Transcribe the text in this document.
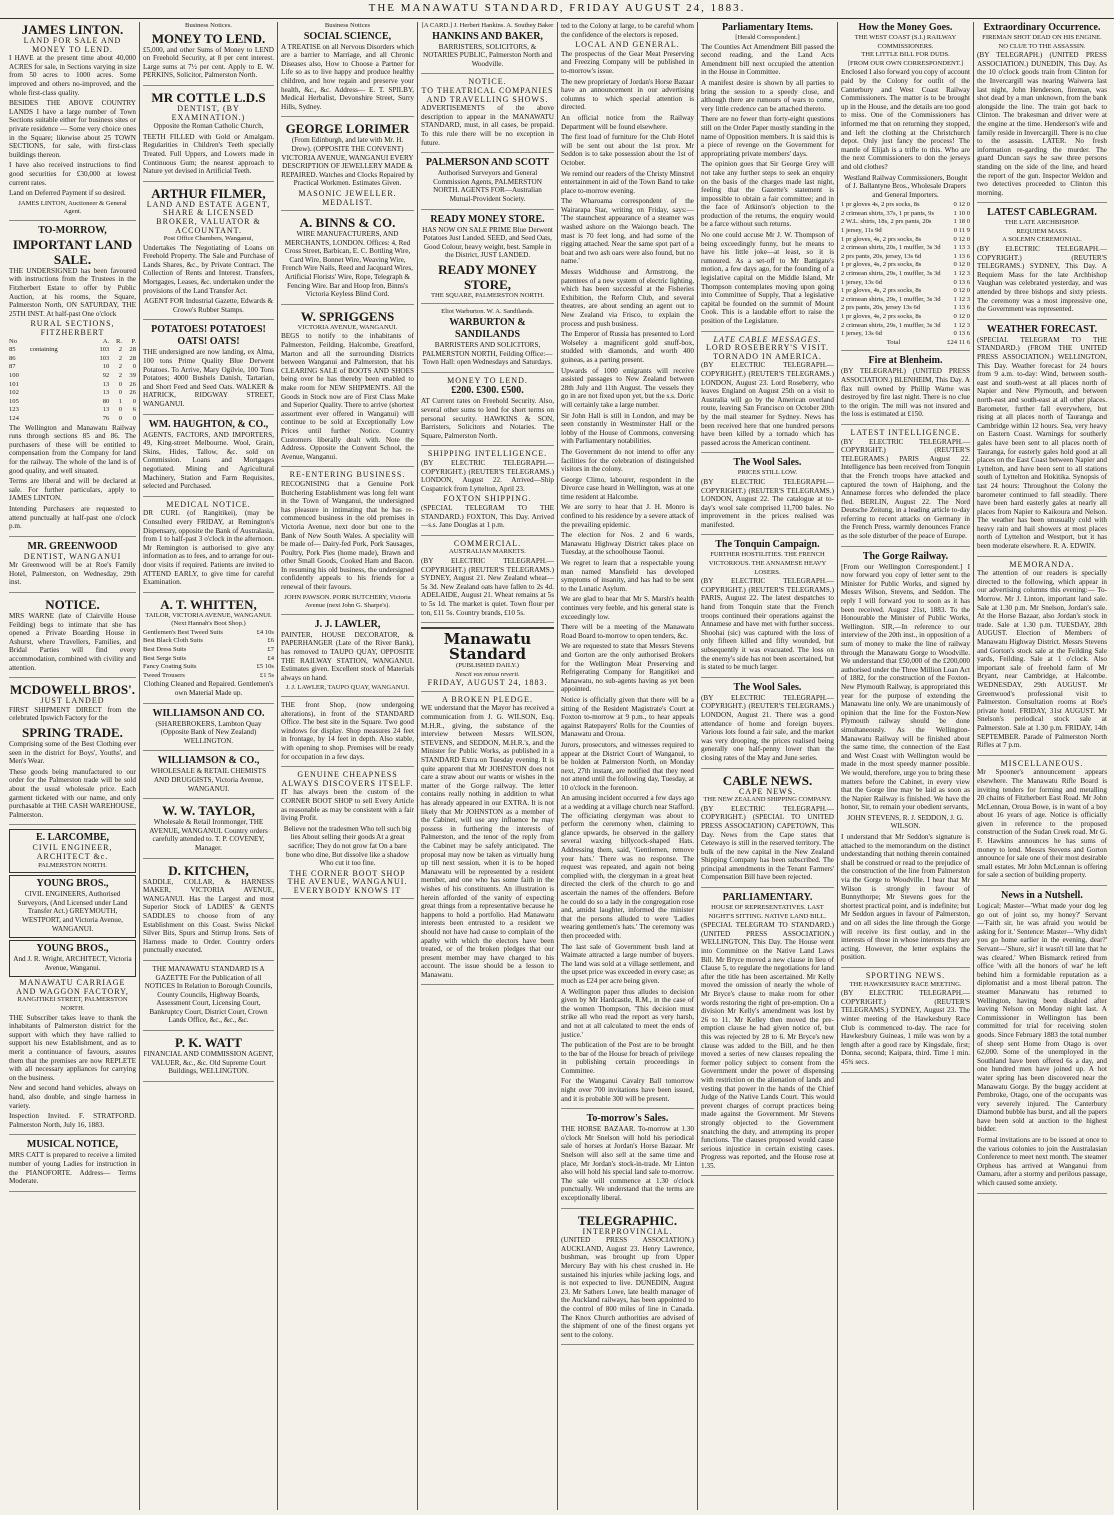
THE MANAWATU STANDARD, FRIDAY AUGUST 24, 1883.
JAMES LINTON.
LAND FOR SALE AND MONEY TO LEND.

I HAVE at the present time about 40,000 ACRES for sale, in Sections varying in size from 50 acres to 1000 acres. Some improved and others no-improved, and the whole first-class quality.

BESIDES THE ABOVE COUNTRY LANDS I have a large number of Town Sections suitable either for business sites or private residence — Some very choice ones in the Square; likewise about 25 TOWN SECTIONS, for sale, with first-class buildings thereon.

I have also received instructions to find good securities for £30,000 at lowest current rates.

Land on Deferred Payment if so desired.

JAMES LINTON, Auctioneer & General Agent.
TO-MORROW,
IMPORTANT LAND SALE.

THE UNDERSIGNED has been favoured with instructions from the Trustees in the Fitzherbert Estate to offer by Public Auction, at his rooms, the Square, Palmerston North, ON SATURDAY, THE 25TH INST. At half-past One o'clock

RURAL SECTIONS, FITZHERBERT
No		A.	R.	P.
85	containing	103	2	28
86		103	2	28
87		10	2	0
100		92	2	39
101		13	0	26
102		13	0	26
105		80	1	0
123		13	0	6
124		76	0	0

The Wellington and Manawatu Railway runs through sections 85 and 86. The purchasers of these will be entitled to compensation from the Company for land for the railway. The whole of the land is of good quality, and well situated.

Terms are liberal and will be declared at sale. For further particulars, apply to JAMES LINTON.

Intending Purchasers are requested to attend punctually at half-past one o'clock p.m.

MR. GREENWOOD
DENTIST, WANGANUI

Mr Greenwood will be at Roe's Family Hotel, Palmerston, on Wednesday, 29th inst.

NOTICE.

MRS WARNE (late of Clairville House Feilding) begs to intimate that she has opened a Private Boarding House in Ashurst, where Travellers, Families, and Bridal Parties will find every accommodation, combined with civility and attention.

MCDOWELL BROS'.
JUST LANDED

FIRST SHIPMENT DIRECT from the celebrated Ipswich Factory for the

SPRING TRADE.

Comprising some of the Best Clothing ever seen in the district for Boys', Youths', and Men's Wear.

These goods being manufactured to our order for the Palmerston trade will be sold about the usual wholesale price. Each garment ticketed with our name, and only purchasable at THE CASH WAREHOUSE, Palmerston.

E. LARCOMBE,
CIVIL ENGINEER, ARCHITECT &c.
PALMERSTON NORTH.
YOUNG BROS.,

CIVIL ENGINEERS, Authorised Surveyors, (And Licensed under Land Transfer Act.) GREYMOUTH, WESTPORT, and Victoria Avenue, WANGANUI.

YOUNG BROS.,

And J. R. Wright, ARCHITECT, Victoria Avenue, Wanganui.

MANAWATU CARRIAGE AND WAGGON FACTORY,
RANGITIKEI STREET, PALMERSTON NORTH.

THE Subscriber takes leave to thank the inhabitants of Palmerston district for the support with which they have rallied to support his new Establishment, and as to merit a continuance of favours, assures them that the premises are now REPLETE with all necessary appliances for carrying on the business.

New and second hand vehicles, always on hand, also double, and single harness in variety.

Inspection Invited. F. STRATFORD. Palmerston North, July 16, 1883.

MUSICAL NOTICE,

MRS CATT is prepared to receive a limited number of young Ladies for instruction in the PIANOFORTE. Address— Terms Moderate.

Business Notices.
MONEY TO LEND.

£5,000, and other Sums of Money to LEND on Freehold Security, at 8 per cent interest. Large sums at 7½ per cent. Apply to E. W. PERKINS, Solicitor, Palmerston North.

MR COTTLE L.D.S
DENTIST, (BY EXAMINATION.)

Opposite the Roman Catholic Church,

TEETH FILLED with Gold or Amalgam. Regularities in Children's Teeth specially Treated. Full Uppers, and Lowers made in Continuous Gum; the nearest approach to Nature yet devised in Artificial Teeth.

ARTHUR FILMER,
LAND AND ESTATE AGENT, SHARE & LICENSED BROKER, VALUATOR & ACCOUNTANT.
Post Office Chambers, Wanganui,

Undertakes The Negotiating of Loans on Freehold Property. The Sale and Purchase of Lands Shares, &c., by Private Contract. The Collection of Rents and Interest. Transfers, Mortgages, Leases, &c. undertaken under the provisions of the Land Transfer Act.

AGENT FOR Industrial Gazette, Edwards & Crowe's Rubber Stamps.

POTATOES! POTATOES!
OATS! OATS!

THE undersigned are now landing, ex Alma, 100 tons Prime Quality Blue Derwent Potatoes. To Arrive, Mary Ogilvie, 100 Tons Potatoes; 4000 Bushels Danish, Tartarian, and Short Feed and Seed Oats. WALKER & HATRICK, RIDGWAY STREET, WANGANUI.

WM. HAUGHTON, & CO.,

AGENTS, FACTORS, AND IMPORTERS, 49, King-street Melbourne. Wool, Grain, Skins, Hides, Tallow, &c. sold on Commission. Loans and Mortgages negotiated. Mining and Agricultural Machinery, Station and Farm Requisites, selected and Purchased.

MEDICAL NOTICE.

DR CURL (of Rangitikei), (may be Consulted every FRIDAY, at Remington's Dispensary, opposite the Bank of Australasia, from 1 to half-past 3 o'clock in the afternoon. Mr Remington is authorised to give any information as to fees, and to arrange for out-door visits if required. Patients are invited to ATTEND EARLY, to give time for careful Examination.

A. T. WHITTEN,
TAILOR, VICTORIA AVENUE, WANGANUI. (Next Hannah's Boot Shop.)
Gentlemen's Best Tweed Suits	£4 10s
Best Black Cloth Suits	£6
Best Dress Suits	£7
Best Serge Suits	£4
Fancy Coating Suits	£5 10s
Tweed Trousers	£1 5s

Clothing Cleaned and Repaired. Gentlemen's own Material Made up.

WILLIAMSON AND CO.

(SHAREBROKERS, Lambton Quay (Opposite Bank of New Zealand) WELLINGTON.

WILLIAMSON & CO.,

WHOLESALE & RETAIL CHEMISTS AND DRUGGISTS, Victoria Avenue, WANGANUI.

W. W. TAYLOR,

Wholesale & Retail Ironmonger, THE AVENUE, WANGANUI. Country orders carefully attended to. T. P. COVENEY, Manager.

D. KITCHEN,

SADDLE, COLLAR, & HARNESS MAKER, VICTORIA AVENUE, WANGANUI. Has the Largest and most Superior Stock of LADIES' & GENTS SADDLES to choose from of any Establishment on this Coast. Swiss Nickel Silver Bits, Spurs and Stirrup Irons. Sets of Harness made to Order. Country orders punctually executed.

THE MANAWATU STANDARD IS A GAZETTE For the Publication of all NOTICES In Relation to Borough Councils, County Councils, Highway Boards, Assessment Court, Licensing Court, Bankruptcy Court, District Court, Crown Lands Office, &c., &c., &c.

P. K. WATT

FINANCIAL AND COMMISSION AGENT, VALUER, &c., &c. Old Supreme Court Buildings, WELLINGTON.

Business Notices
SOCIAL SCIENCE,

A TREATISE on all Nervous Disorders which are a barrier to Marriage, and all Chronic Diseases also, How to Choose a Partner for Life so as to live happy and produce healthy children, and how regain and preserve your health, &c., &c. Address— E. T. SPILBY, Medical Herbalist, Devonshire Street, Surry Hills, Sydney.

GEORGE LORIMER

(From Edinburgh, and late with Mr. H. Drew). (OPPOSITE THE CONVENT) VICTORIA AVENUE, WANGANUI EVERY DESCRIPTION OF JEWELLERY MADE & REPAIRED. Watches and Clocks Repaired by Practical Workmen. Estimates Given.

MASONIC JEWELLER. MEDALIST.
A. BINNS & CO.

WIRE MANUFACTURERS, AND MERCHANTS, LONDON. Offices: 4, Red Cross Street, Barbican, E. C. Bottling Wire, Card Wire, Bonnet Wire, Weaving Wire, French Wire Nails, Reed and Jacquard Wires, Artificial Florists' Wire, Rope, Telegraph & Fencing Wire. Bar and Hoop Iron, Binns's Victoria Keyless Blind Cord.

W. SPRIGGENS
VICTORIA AVENUE, WANGANUI.

BEGS to notify to the inhabitants of Palmerston, Feilding, Halcombe, Greatford, Marton and all the surrounding Districts between Wanganui and Palmerston, that his CLEARING SALE of BOOTS AND SHOES being over he has thereby been enabled to make room for NEW SHIPMENTS. All the Goods in Stock now are of First Class Make and Superior Quality. There to arrive (shortest assortment ever offered in Wanganui) will continue to be sold at Exceptionally Low Prices until further Notice. Country Customers liberally dealt with. Note the Address. Opposite the Convent School, the Avenue, Wanganui.

RE-ENTERING BUSINESS.

RECOGNISING that a Genuine Pork Butchering Establishment was long felt want in the Town of Wanganui, the undersigned has pleasure in intimating that he has re-commenced business in the old premises in Victoria Avenue, next door but one to the Bank of New South Wales. A speciality will be made of— Dairy-fed Pork, Pork Sausages, Poultry, Pork Pies (home made), Brawn and other Small Goods, Cooked Ham and Bacon. In resuming his old business, the undersigned confidently appeals to his friends for a renewal of their favours.

JOHN PAWSON. PORK BUTCHERY, Victoria Avenue (next John G. Sharpe's).
J. J. LAWLER,

PAINTER, HOUSE DECORATOR, & PAPERHANGER (Late of the River Bank), has removed to TAUPO QUAY, OPPOSITE THE RAILWAY STATION, WANGANUI. Estimates given. Excellent stock of Materials always on hand.

J. J. LAWLER, TAUPO QUAY, WANGANUI.

THE front Shop, (now undergoing alterations), in front of the STANDARD Office. The best site in the Square. Two good windows for display. Shop measures 24 feet in frontage, by 14 feet in depth. Also stable, with opening to shop. Premises will be ready for occupation in a few days.

GENUINE CHEAPNESS ALWAYS DISCOVERS ITSELF.

IT has always been the custom of the CORNER BOOT SHOP to sell Every Article as reasonable as may be consistent with a fair living Profit.

Believe not the tradesmen Who tell such big lies About selling their goods At a great sacrifice; They do not grow fat On a bare bone who dine, But dissolve like a shadow Who cut it too fine.

THE CORNER BOOT SHOP THE AVENUE, WANGANUI. EVERYBODY KNOWS IT
[A CARD.] J. Herbert Hankins. A. Southey Baker
HANKINS AND BAKER,

BARRISTERS, SOLICITORS, & NOTARIES PUBLIC, Palmerston North and Woodville.

NOTICE.
TO THEATRICAL COMPANIES AND TRAVELLING SHOWS.

ADVERTISEMENTS of the above description to appear in the MANAWATU STANDARD, must, in all cases, be prepaid. To this rule there will be no exception in future.

PALMERSON AND SCOTT

Authorised Surveyors and General Commission Agents, PALMERSTON NORTH. AGENTS FOR—Australian Mutual-Provident Society.

READY MONEY STORE.

HAS NOW ON SALE PRIME Blue Derwent Potatoes Just Landed. SEED, and Seed Oats, Good Colour, heavy weight, best. Sample in the District, JUST LANDED.

READY MONEY STORE,
THE SQUARE, PALMERSTON NORTH.
Eliot Warburton. W. A. Sandilands.
WARBURTON & SANDILANDS

BARRISTERS AND SOLICITORS, PALMERSTON NORTH, Feilding Office:—Town Hall: open Wednesdays and Saturdays.

MONEY TO LEND.
£200. £300. £500.

AT Current rates on Freehold Security. Also, several other sums to lend for short terms on personal security. HAWKINS & SON, Barristers, Solicitors and Notaries. The Square, Palmerston North.

SHIPPING INTELLIGENCE.

(BY ELECTRIC TELEGRAPH.—COPYRIGHT.) (REUTER'S TELEGRAMS.) LONDON, August 22. Arrived—Ship Cospatrick from Lyttelton, April 23.

FOXTON SHIPPING.

(SPECIAL TELEGRAM TO THE STANDARD.) FOXTON, This Day. Arrived—s.s. Jane Douglas at 1 p.m.

COMMERCIAL.
AUSTRALIAN MARKETS.

(BY ELECTRIC TELEGRAPH.—COPYRIGHT.) (REUTER'S TELEGRAMS.) SYDNEY, August 21. New Zealand wheat—5s 3d. New Zealand oats have fallen to 2s 4d. ADELAIDE, August 21. Wheat remains at 5s to 5s 1d. The market is quiet. Town flour per ton, £11 5s. Country brands, £10 5s.

Manawatu Standard
(PUBLISHED DAILY.)
Nescit vox missa reverti.
FRIDAY, AUGUST 24, 1883.
A BROKEN PLEDGE.

WE understand that the Mayor has received a communication from J. G. WILSON, Esq. M.H.R., giving, the substance of the interview between Messrs WILSON, STEVENS, and SEDDON, M.H.R.'s, and the Minister for Public Works, as published in a STANDARD Extra on Tuesday evening. It is quite apparent that Mr JOHNSTON does not care a straw about our wants or wishes in the matter of the Gorge railway. The letter contains really nothing in addition to what has already appeared in our EXTRA. It is not likely that Mr JOHNSTON as a member of the Cabinet, will use any influence he may possess in furthering the interests of Palmerston, and the tenor of the reply from the Cabinet may be safely anticipated. The proposal may now be taken as virtually hung up till next session, when it is to be hoped Manawatu will be represented by a resident member, and one who has some faith in the wishes of his constituents. An illustration is herein afforded of the vanity of expecting great things from a representative because he happens to hold a portfolio. Had Manawatu interests been entrusted to a resident we should not have had cause to complain of the apathy with which the electors have been treated, or of the broken pledges that our present member may have charged to his account. The issue should be a lesson to Manawatu.

ted to the Colony at large, to be careful whom the confidence of the electors is reposed.

LOCAL AND GENERAL.

The prospectus of the Gear Meat Preserving and Freezing Company will be published in to-morrow's issue.

The new proprietary of Jordan's Horse Bazaar have an announcement in our advertising columns to which special attention is directed.

An official notice from the Railway Department will be found elsewhere.

The first load of furniture for the Club Hotel will be sent out about the 1st prox. Mr Seddon is to take possession about the 1st of October.

We remind our readers of the Christy Minstrel entertainment in aid of the Town Band to take place to-morrow evening.

The Wharoama correspondent of the Wairarapa Star, writing on Friday, says:— 'The staunchest appearance of a steamer was washed ashore on the Waiongo beach. The mast is 70 feet long, and had some of the rigging attached. Near the same spot part of a boat and two ash oars were also found, but no name.'

Messrs Widdhouse and Armstrong, the patentees of a new system of electric lighting, which has been successful at the Fisheries Exhibition, the Reform Club, and several theatres, are about sending an agent out to New Zealand via Frisco, to explain the process and push business.

The Emperor of Russia has presented to Lord Wolseley a magnificent gold snuff-box, studded with diamonds, and worth 400 guineas, as a parting present.

Upwards of 1000 emigrants will receive assisted passages to New Zealand between 28th July and 11th August. The vessels they go in are not fixed upon yet, but the s.s. Doric will certainly take a large number.

Sir John Hall is still in London, and may be seen constantly in Westminster Hall or the lobby of the House of Commons, conversing with Parliamentary notabilities.

The Government do not intend to offer any facilities for the celebration of distinguished visitors in the colony.

George Climo, labourer, respondent in the Divorce case heard in Wellington, was at one time resident at Halcombe.

We are sorry to hear that J. H. Monro is confined to his residence by a severe attack of the prevailing epidemic.

The election for Nos. 2 and 6 wards, Manawatu Highway District takes place on Tuesday, at the schoolhouse Taonui.

We regret to learn that a respectable young man named Mansfield has developed symptoms of insanity, and has had to be sent to the Lunatic Asylum.

We are glad to hear that Mr S. Marsh's health continues very feeble, and his general state is exceedingly low.

There will be a meeting of the Manawatu Road Board to-morrow to open tenders, &c.

We are requested to state that Messrs Stevens and Gorton are the only authorised Brokers for the Wellington Meat Preserving and Refrigerating Company for Rangitikei and Manawatu, no sub-agents having as yet been appointed.

Notice is officially given that there will be a sitting of the Resident Magistrate's Court at Foxton to-morrow at 9 p.m., to hear appeals against Ratepayers' Rolls for the Counties of Manawatu and Oroua.

Jurors, prosecutors, and witnesses required to appear at the District Court of Wanganui, to be holden at Palmerston North, on Monday next, 27th instant, are notified that they need not attend until the following day, Tuesday, at 10 o'clock in the forenoon.

An amusing incident occurred a few days ago at a wedding at a village church near Stafford. The officiating clergyman was about to perform the ceremony when, claiming to glance upwards, he observed in the gallery several waxing billycock-shaped Hats. Addressing them, said, 'Gentlemen, remove your hats.' There was no response. The request was repeated, and again not being complied with, the clergyman in a great heat directed the clerk of the church to go and ascertain the names of the offenders. Before he could do so a lady in the congregation rose and, amidst laughter, informed the minister that the persons alluded to were 'Ladies wearing gentlemen's hats.' The ceremony was then proceeded with.

The last sale of Government bush land at Waimate attracted a large number of buyers. The land was sold at a village settlement, and the upset price was exceeded in every case; as much as £24 per acre being given.

A Wellington paper thus alludes to decision given by Mr Hardcastle, R.M., in the case of the women Thompson, 'This decision must strike all who read the report as very harsh, and not at all calculated to meet the ends of justice.'

The publication of the Post are to be brought to the bar of the House for breach of privilege in publishing certain proceedings in Committee.

For the Wanganui Cavalry Ball tomorrow night over 700 invitations have been issued, and it is probable 300 will be present.

To-morrow's Sales.

THE HORSE BAZAAR. To-morrow at 1.30 o'clock Mr Snelson will hold his periodical sale of horses at Jordan's Horse Bazaar. Mr Snelson will also sell at the same time and place, Mr Jordan's stock-in-trade. Mr Linton also will hold his special land sale to-morrow. The sale will commence at 1.30 o'clock punctually. We understand that the terms are exceptionally liberal.

TELEGRAPHIC.
INTERPROVINCIAL.

(UNITED PRESS ASSOCIATION.) AUCKLAND, August 23. Henry Lawrence, bushman, was brought up from Upper Mercury Bay with his chest crushed in. He sustained his injuries while jacking logs, and is not expected to live. DUNEDIN, August 23. Mr Sathers Lowe, late health manager of the Auckland railways, has been appointed to the control of 800 miles of line in Canada. The Knox Church authorities are advised of the shipment of one of the finest organs yet sent to the colony.

Parliamentary Items.
[Herald Correspondent.]

The Counties Act Amendment Bill passed the second reading, and the Land Acts Amendment bill next occupied the attention in the House in Committee.

A manifest desire is shown by all parties to bring the session to a speedy close, and although there are rumours of wars to come, very little credence can be attached thereto.

There are no fewer than forty-eight questions still on the Order Paper mostly standing in the name of Opposition members. It is said this is a piece of revenge on the Government for appropriating private members' days.

The opinion goes that Sir George Grey will not take any further steps to seek an enquiry on the basis of the charges made last night, feeling that the Gazette's statement is impossible to obtain a fair committee; and in the face of Atkinson's objection to the production of the returns, the enquiry would be a farce without such returns.

No one could accuse Mr J. W. Thompson of being exceedingly funny, but he means to have his little joke—at least, so it is rumoured. As a set-off to Mr Battigate's motion, a few days ago, for the founding of a legislative capital on the Middle Island, Mr Thompson contemplates moving upon going into Committee of Supply, That a legislative capital be founded on the summit of Mount Cook. This is a laudable effort to raise the position of the Legislature.

LATE CABLE MESSAGES.
LORD ROSEBERRY'S VISIT.
TORNADO IN AMERICA.

(BY ELECTRIC TELEGRAPH.—COPYRIGHT.) (REUTER'S TELEGRAMS.) LONDON, August 23. Lord Roseberry, who leaves England on August 25th on a visit to Australia will go by the American overland route, leaving San Francisco on October 20th by the mail steamer for Sydney. News has been received here that one hundred persons have been killed by a tornado which has passed across the American continent.

The Wool Sales.
PRICES STILL LOW.

(BY ELECTRIC TELEGRAPH.—COPYRIGHT.) (REUTER'S TELEGRAMS.) LONDON, August 22. The catalogue at to-day's wool sale comprised 11,700 bales. No improvement in the prices realised was manifested.

The Tonquin Campaign.
FURTHER HOSTILITIES. THE FRENCH VICTORIOUS. THE ANNAMESE HEAVY LOSERS.

(BY ELECTRIC TELEGRAPH.—COPYRIGHT.) (REUTER'S TELEGRAMS.) PARIS, August 22. The latest despatches to hand from Tonquin state that the French troops continued their operations against the Annamese and have met with further success. Shoohai (sic) was captured with the loss of only fifteen killed and fifty wounded, but subsequently it was evacuated. The loss on the enemy's side has not been ascertained, but is stated to be much larger.

The Wool Sales.

(BY ELECTRIC TELEGRAPH.—COPYRIGHT.) (REUTER'S TELEGRAMS.) LONDON, August 21. There was a good attendance of home and foreign buyers. Various lots found a fair sale, and the market was very drooping, the prices realised being generally one half-penny lower than the closing rates of the May and June series.

CABLE NEWS.
CAPE NEWS.
THE NEW ZEALAND SHIPPING COMPANY.

(BY ELECTRIC TELEGRAPH.—COPYRIGHT.) (SPECIAL TO UNITED PRESS ASSOCIATION) CAPETOWN, This Day. News from the Cape states that Cetewayo is still in the reserved territory. The bulk of the new capital in the New Zealand Shipping Company has been subscribed. The principal amendments in the Tenant Farmers' Compensation Bill have been rejected.

PARLIAMENTARY.
HOUSE OF REPRESENTATIVES. LAST NIGHT'S SITTING. NATIVE LAND BILL.

(SPECIAL TELEGRAM TO STANDARD.) (UNITED PRESS ASSOCIATION.) WELLINGTON, This Day. The House went into Committee on the Native Land Laws Bill. Mr Bryce moved a new clause in lieu of Clause 5, to regulate the negotiations for land after the title has been ascertained. Mr Kelly moved the omission of nearly the whole of Mr Bryce's clause to make room for other words restoring the right of pre-emption. On a division Mr Kelly's amendment was lost by 26 to 11. Mr Kelley then moved the pre-emption clause he had given notice of, but this was rejected by 28 to 6. Mr Bryce's new clause was added to the Bill, and he then moved a series of new clauses repealing the former policy subject to consent from the Government under the power of dispensing with restriction on the alienation of lands and vesting that power in the hands of the Chief Judge of the Native Lands Court. This would prevent charges of corrupt practices being made against the Government. Mr Stevens strongly objected to the Government snatching the duty, and attempting its proper functions. The clauses proposed would cause serious injustice in certain existing cases. Progress was reported, and the House rose at 1.35.

How the Money Goes.
THE WEST COAST (S.I.) RAILWAY COMMISSIONERS.
THE LITTLE BILL FOR DUDS.
[FROM OUR OWN CORRESPONDENT.]

Enclosed I also forward you copy of account paid by the Colony for outfit of the Canterbury and West Coast Railway Commissioners. The matter is to be brought up in the House, and the details are too good to miss. One of the Commissioners has informed me that on returning they stopped, and left the clothing at the Christchurch depot. Only just fancy the process! The mantle of Elijah is a trifle to this. Who are the next Commissioners to don the jerseys and old clothes?

Westland Railway Commissioners, Bought of J. Ballantyne Bros., Wholesale Drapers and General Importers.

1 pr gloves 4s, 2 prs socks, 8s	0 12 0
2 crimean shirts, 37s, 1 pr pants, 9s	1 10 0
2 W.L. shirts, 18s, 2 prs pants, 20s	1 18 0
1 jersey, 11s 9d	0 11 9
1 pr gloves, 4s, 2 prs socks, 8s	0 12 0
2 crimean shirts, 20s, 1 muffler, 3s 3d	1 13 3
2 prs pants, 20s, jersey, 13s 6d	1 13 6
1 pr gloves, 4s, 2 prs socks, 8s	0 12 0
2 crimean shirts, 29s, 1 muffler, 3s 3d	1 12 3
1 jersey, 13s 6d	0 13 6
1 pr gloves, 4s, 2 prs socks, 8s	0 12 0
2 crimean shirts, 29s, 1 muffler, 3s 3d	1 12 3
2 prs pants, 20s, jersey 13s 6d	1 13 6
1 pr gloves, 4s, 2 prs socks, 8s	0 12 0
2 crimean shirts, 29s, 1 muffler, 3s 3d	1 12 3
1 jersey, 13s 6d	0 13 6
Total	£24 11 6
Fire at Blenheim.

(BY TELEGRAPH.) (UNITED PRESS ASSOCIATION.) BLENHEIM, This Day. A flax mill owned by Phillip Warne was destroyed by fire last night. There is no clue to the origin. The mill was not insured and the loss is estimated at £150.

LATEST INTELLIGENCE.

(BY ELECTRIC TELEGRAPH.—COPYRIGHT.) (REUTER'S TELEGRAMS.) PARIS August 22. Intelligence has been received from Tonquin that the French troops have attacked and captured the town of Haiphong, and the Annamese forces who defended the place fled. BERLIN, August 22. The Nord Deutsche Zeitung, in a leading article to-day referring to recent attacks on Germany in the French Press, warmly denounces France as the sole disturber of the peace of Europe.

The Gorge Railway.

[From our Wellington Correspondent.] I now forward you copy of letter sent to the Minister for Public Works, and signed by Messrs Wilson, Stevens, and Seddon. The reply I will forward you to soon as it has been received. August 21st, 1883. To the Honourable the Minister of Public Works, Wellington. SIR,—In reference to our interview of the 20th inst., in opposition of a sum of money to make the line of railway through the Manawatu Gorge to Woodville. We understand that £50,000 of the £200,000 authorised under the Three Million Loan Act of 1882, for the construction of the Foxton-New Plymouth Railway, is appropriated this year for the purpose of extending the Manawatu line only. We are unanimously of opinion that the line for the Foxton-New Plymouth railway should be done simultaneously. As the Wellington-Manawatu Railway will be finished about the same time, the connection of the East and West Coast with Wellington would be made in the most speedy manner possible. We would, therefore, urge you to bring these matters before the Cabinet, in every view that the Gorge line may be laid as soon as the Napier Railway is finished. We have the honor, Sir, to remain your obedient servants,

JOHN STEVENS, R. J. SEDDON, J. G. WILSON.

I understand that Mr Seddon's signature is attached to the memorandum on the distinct understanding that nothing therein contained shall be construed or read to the prejudice of the construction of the line from Palmerston via the Gorge to Woodville. I hear that Mr Wilson is strongly in favour of Bunnythorpe; Mr Stevens goes for the shortest practical point, and is indefinite; but Mr Seddon argues in favour of Palmerston, and on all sides the line through the Gorge will receive its first outlay, and in the interests of those in whose interests they are acting. However, the letter explains the position.

SPORTING NEWS.
THE HAWKESBURY RACE MEETING.

(BY ELECTRIC TELEGRAPH.—COPYRIGHT.) (REUTER'S TELEGRAMS.) SYDNEY, August 23. The winter meeting of the Hawkesbury Race Club is commenced to-day. The race for Hawkesbury Guineas, 1 mile was won by a length after a good race by Kingsdale, first; Donna, second; Kaipara, third. Time 1 min. 45¾ secs.

Extraordinary Occurrence.
FIREMAN SHOT DEAD ON HIS ENGINE.
NO CLUE TO THE ASSASSIN.

(BY TELEGRAPH.) (UNITED PRESS ASSOCIATION.) DUNEDIN, This Day. As the 10 o'clock goods train from Clinton for the Invercargill was nearing Waiwera last last night, John Henderson, fireman, was shot dead by a man unknown, from the bank alongside the line. The train got back to Clinton. The brakesman and driver were at the engine at the time. Henderson's wife and family reside in Invercargill. There is no clue to the assassin. LATER. No fresh information re-garding the murder. The guard Duncan says he saw three persons standing on the side of the line, and heard the report of the gun. Inspector Weldon and two detectives proceeded to Clinton this morning.

LATEST CABLEGRAM.
THE LATE ARCHBISHOP.
REQUIEM MASS.
A SOLEMN CEREMONIAL.

(BY ELECTRIC TELEGRAPH.—COPYRIGHT.) (REUTER'S TELEGRAMS.) SYDNEY, This Day. A Requiem Mass for the late Archbishop Vaughan was celebrated yesterday, and was attended by three bishops and sixty priests. The ceremony was a most impressive one, the Government was represented.

WEATHER FORECAST.

(SPECIAL TELEGRAM TO THE STANDARD.) (FROM THE UNITED PRESS ASSOCIATION.) WELLINGTON, This Day. Weather forecast for 24 hours from 9 a.m. to-day: Wind, between south-east and south-west at all places north of Napier and New Plymouth, and between north-east and south-east at all other places. Barometer, further fall everywhere, but rising at all places north of Tauranga and Cambridge within 12 hours. Sea, very heavy on Eastern Coast. Warnings for southerly gales have been sent to all places north of Tauranga, for easterly gales hold good at all places on the East Coast between Napier and Lyttelton, and have been sent to all stations south of Lyttelton and Hokitika. Synopsis of last 24 hours: Throughout the Colony the barometer continued to fall steadily. There have been hard easterly gales at nearly all places from Napier to Kaikoura and Nelson. The weather has been unusually cold with heavy rain and hail showers at most places north of Lyttelton and Westport, but it has been moderate elsewhere. R. A. EDWIN.

MEMORANDA.

The attention of our readers is specially directed to the following, which appear in our advertising columns this evening:— To-Morrow. Mr J. Linton, important land sale. Sale at 1.30 p.m. Mr Snelson, Jordan's sale. At the Horse Bazaar, also Jordan's stock in trade. Sale at 1.30 p.m. TUESDAY, 28th AUGUST. Election of Members of Manawatu Highway District. Messrs Stevens and Gorton's stock sale at the Feilding Sale yards, Feilding. Sale at 1 o'clock. Also important sale of freehold farm of Mr Bryant, near Cambridge, at Halcombe. WEDNESDAY, 29th AUGUST. Mr Greenwood's professional visit to Palmerston. Consultation rooms at Roe's private hotel. FRIDAY, 31st AUGUST. Mr Snelson's periodical stock sale at Palmerston. Sale at 1.30 p.m. FRIDAY, 14th SEPTEMBER. Parade of Palmerston North Rifles at 7 p.m.

MISCELLANEOUS.

Mr Spooner's announcement appears elsewhere. The Manawatu Rifle Board is inviting tenders for forming and metalling 20 chains of Fitzherbert East Road. Mr John McLennan, Oroua Bowe, is in want of a boy about 16 years of age. Notice is officially given in reference to the proposed construction of the Sudan Creek road. Mr G. F. Hawkins announces he has sums of money to lend. Messrs Stevens and Gorton announce for sale one of their most desirable small estates. Mr John McLennan is offering for sale a section of building property.

News in a Nutshell.

Logical; Master—'What made your dog leg go out of joint so, my honey?' Servant—'Faith sir, he was afraid you would be asking for it.' Sentence: Master—'Why didn't you go home earlier in the evening, dear?' Servant—'Shure, sir! it wasn't till late that he was cleared.' When Bismarck retired from office 'with all the honors of war' he left behind him a formidable reputation as a diplomatist and a most liberal patron. The steamer Manawatu has returned to Wellington, having been disabled after leaving Nelson on Monday night last. A Commissioner in Wellington has been committed for trial for receiving stolen goods. Since February 1883 the total number of sheep sent Home from Otago is over 62,000. Some of the unemployed in the Southland have been offered 6s a day, and one hundred men have joined up. A hot water spring has been discovered near the Manawatu Gorge. By the buggy accident at Pembroke, Otago, one of the occupants was very severely injured. The Canterbury Diamond bubble has burst, and all the papers have been sold at auction to the highest bidder.

Formal invitations are to be issued at once to the various colonies to join the Australasian Conference to meet next month. The steamer Orpheus has arrived at Wanganui from Oamaru, after a stormy and perilous passage, which caused some anxiety.
